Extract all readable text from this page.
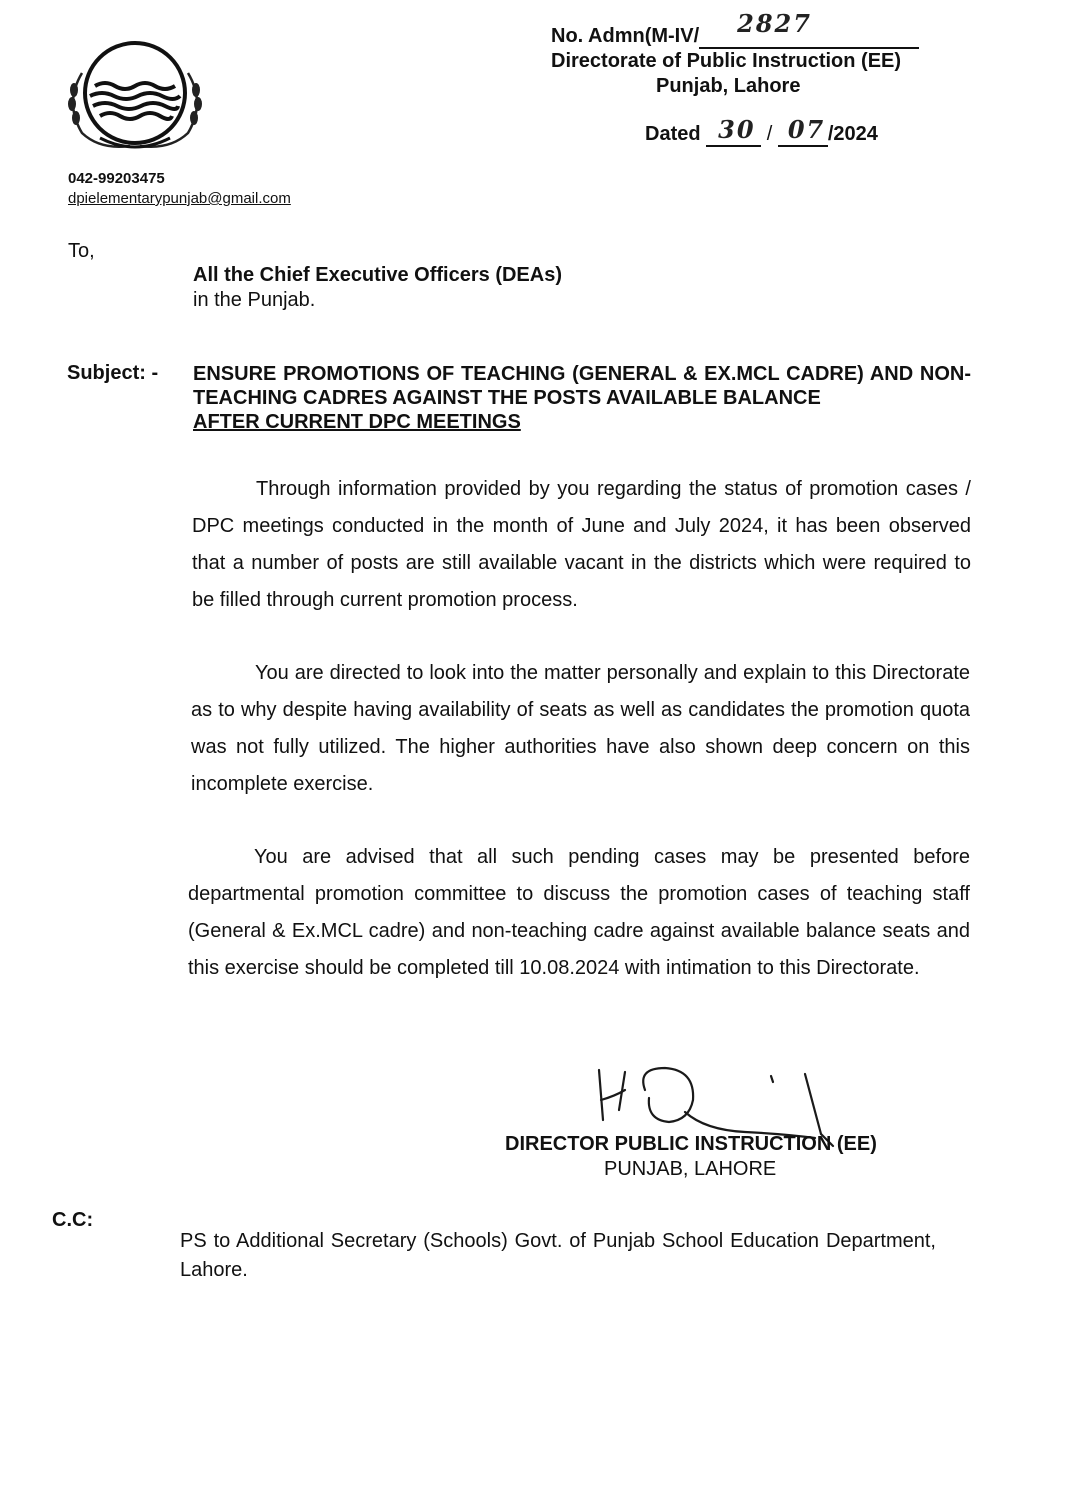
No. Admn(M-IV/ 2827
Directorate of Public Instruction (EE)
Punjab, Lahore
Dated 30 / 07 /2024
042-99203475
dpielementarypunjab@gmail.com
To,
All the Chief Executive Officers (DEAs)
in the Punjab.
Subject: - ENSURE PROMOTIONS OF TEACHING (GENERAL & EX.MCL CADRE) AND NON-TEACHING CADRES AGAINST THE POSTS AVAILABLE BALANCE
AFTER CURRENT DPC MEETINGS
Through information provided by you regarding the status of promotion cases / DPC meetings conducted in the month of June and July 2024, it has been observed that a number of posts are still available vacant in the districts which were required to be filled through current promotion process.
You are directed to look into the matter personally and explain to this Directorate as to why despite having availability of seats as well as candidates the promotion quota was not fully utilized. The higher authorities have also shown deep concern on this incomplete exercise.
You are advised that all such pending cases may be presented before departmental promotion committee to discuss the promotion cases of teaching staff (General & Ex.MCL cadre) and non-teaching cadre against available balance seats and this exercise should be completed till 10.08.2024 with intimation to this Directorate.
DIRECTOR PUBLIC INSTRUCTION (EE)
PUNJAB, LAHORE
C.C:
PS to Additional Secretary (Schools) Govt. of Punjab School Education Department, Lahore.
